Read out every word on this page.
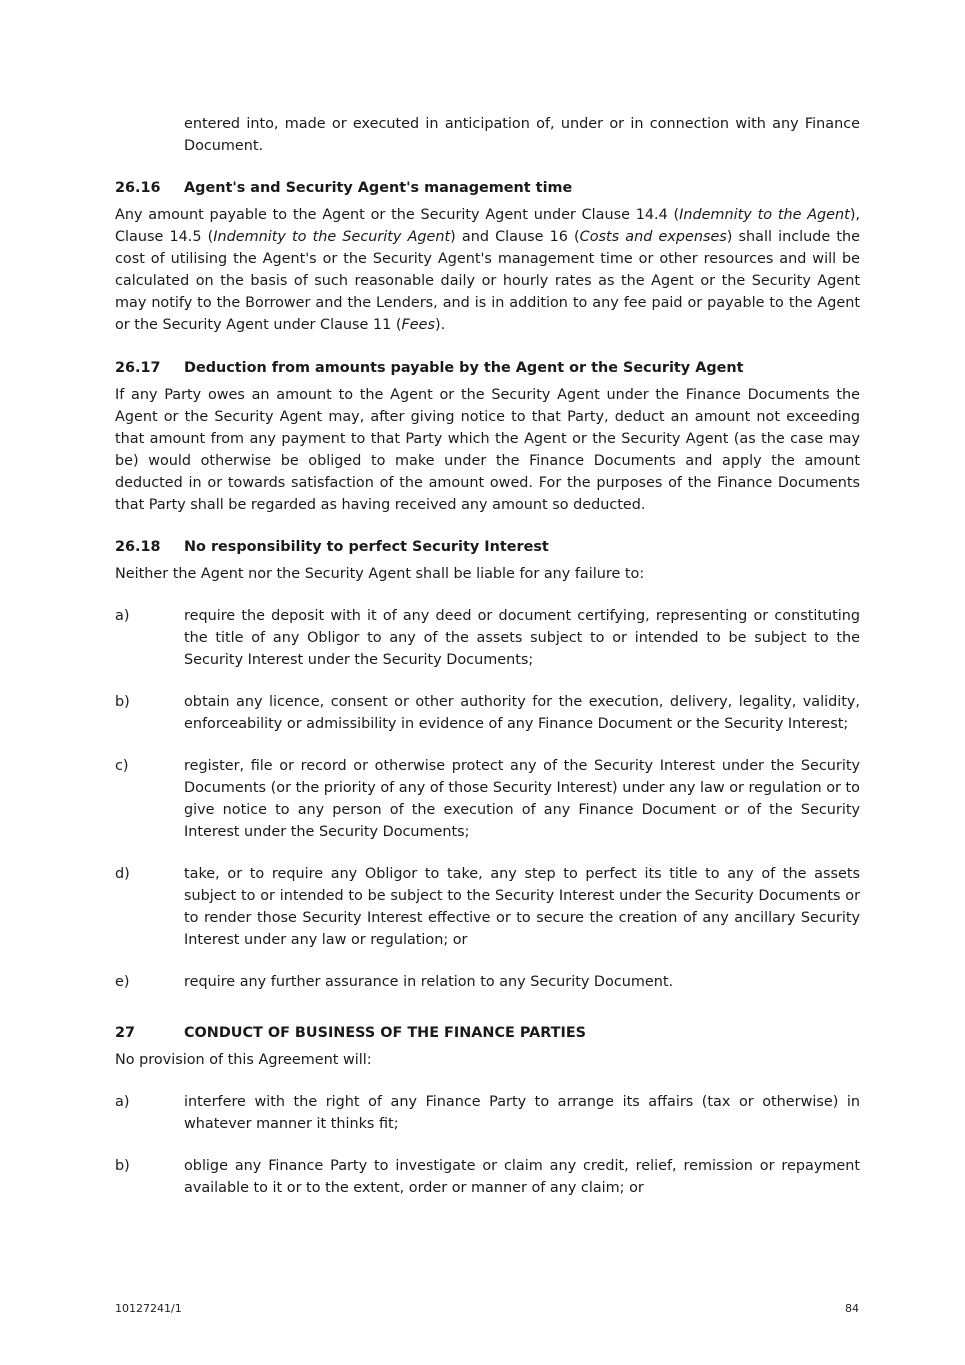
entered into, made or executed in anticipation of, under or in connection with any Finance Document.
26.16 Agent's and Security Agent's management time
Any amount payable to the Agent or the Security Agent under Clause 14.4 (Indemnity to the Agent), Clause 14.5 (Indemnity to the Security Agent) and Clause 16 (Costs and expenses) shall include the cost of utilising the Agent's or the Security Agent's management time or other resources and will be calculated on the basis of such reasonable daily or hourly rates as the Agent or the Security Agent may notify to the Borrower and the Lenders, and is in addition to any fee paid or payable to the Agent or the Security Agent under Clause 11 (Fees).
26.17 Deduction from amounts payable by the Agent or the Security Agent
If any Party owes an amount to the Agent or the Security Agent under the Finance Documents the Agent or the Security Agent may, after giving notice to that Party, deduct an amount not exceeding that amount from any payment to that Party which the Agent or the Security Agent (as the case may be) would otherwise be obliged to make under the Finance Documents and apply the amount deducted in or towards satisfaction of the amount owed. For the purposes of the Finance Documents that Party shall be regarded as having received any amount so deducted.
26.18 No responsibility to perfect Security Interest
Neither the Agent nor the Security Agent shall be liable for any failure to:
a)	require the deposit with it of any deed or document certifying, representing or constituting the title of any Obligor to any of the assets subject to or intended to be subject to the Security Interest under the Security Documents;
b)	obtain any licence, consent or other authority for the execution, delivery, legality, validity, enforceability or admissibility in evidence of any Finance Document or the Security Interest;
c)	register, file or record or otherwise protect any of the Security Interest under the Security Documents (or the priority of any of those Security Interest) under any law or regulation or to give notice to any person of the execution of any Finance Document or of the Security Interest under the Security Documents;
d)	take, or to require any Obligor to take, any step to perfect its title to any of the assets subject to or intended to be subject to the Security Interest under the Security Documents or to render those Security Interest effective or to secure the creation of any ancillary Security Interest under any law or regulation; or
e)	require any further assurance in relation to any Security Document.
27	CONDUCT OF BUSINESS OF THE FINANCE PARTIES
No provision of this Agreement will:
a)	interfere with the right of any Finance Party to arrange its affairs (tax or otherwise) in whatever manner it thinks fit;
b)	oblige any Finance Party to investigate or claim any credit, relief, remission or repayment available to it or to the extent, order or manner of any claim; or
10127241/1	84
